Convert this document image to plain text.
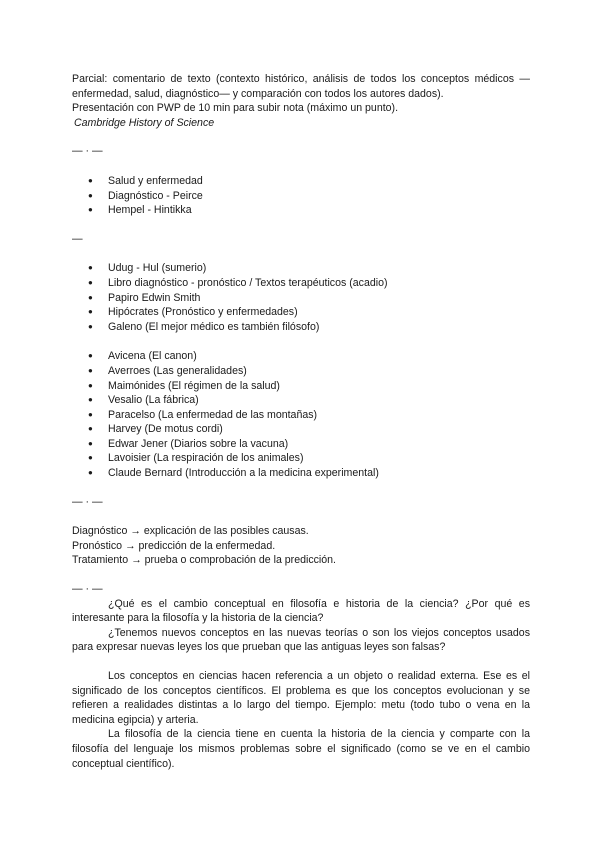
Parcial: comentario de texto (contexto histórico, análisis de todos los conceptos médicos —enfermedad, salud, diagnóstico— y comparación con todos los autores dados).

Presentación con PWP de 10 min para subir nota (máximo un punto).

Cambridge History of Science

— · —

● Salud y enfermedad
● Diagnóstico - Peirce
● Hempel - Hintikka

—

● Udug - Hul (sumerio)
● Libro diagnóstico - pronóstico / Textos terapéuticos (acadio)
● Papiro Edwin Smith
● Hipócrates (Pronóstico y enfermedades)
● Galeno (El mejor médico es también filósofo)
● Avicena (El canon)
● Averroes (Las generalidades)
● Maimónides (El régimen de la salud)
● Vesalio (La fábrica)
● Paracelso (La enfermedad de las montañas)
● Harvey (De motus cordi)
● Edwar Jener (Diarios sobre la vacuna)
● Lavoisier (La respiración de los animales)
● Claude Bernard (Introducción a la medicina experimental)

— · —

Diagnóstico → explicación de las posibles causas.

Pronóstico → predicción de la enfermedad.

Tratamiento → prueba o comprobación de la predicción.

— · —

¿Qué es el cambio conceptual en filosofía e historia de la ciencia? ¿Por qué es interesante para la filosofía y la historia de la ciencia?

¿Tenemos nuevos conceptos en las nuevas teorías o son los viejos conceptos usados para expresar nuevas leyes los que prueban que las antiguas leyes son falsas?

Los conceptos en ciencias hacen referencia a un objeto o realidad externa. Ese es el significado de los conceptos científicos. El problema es que los conceptos evolucionan y se refieren a realidades distintas a lo largo del tiempo. Ejemplo: metu (todo tubo o vena en la medicina egipcia) y arteria.

La filosofía de la ciencia tiene en cuenta la historia de la ciencia y comparte con la filosofía del lenguaje los mismos problemas sobre el significado (como se ve en el cambio conceptual científico).
